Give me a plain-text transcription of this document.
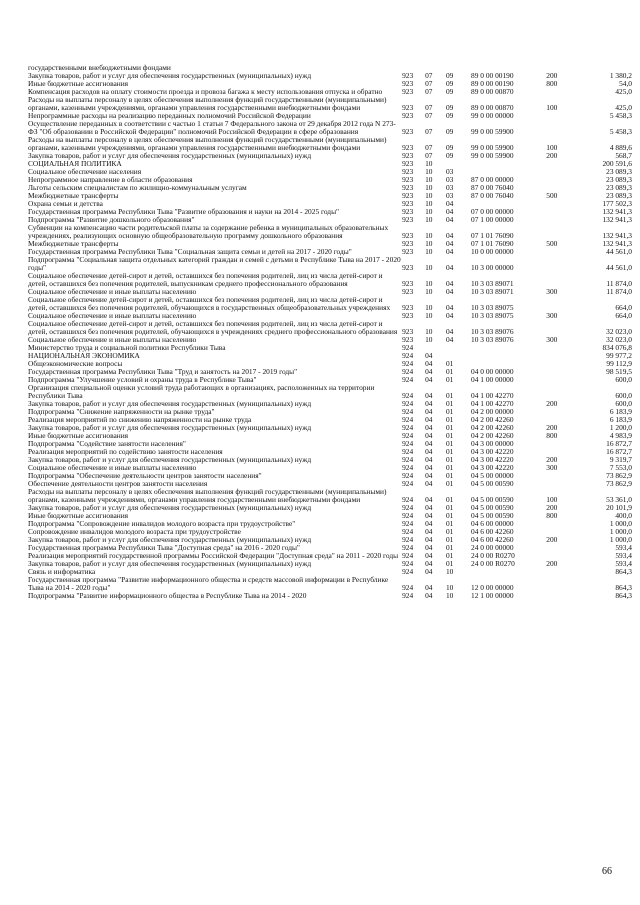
государственными внебюджетными фондами						
Закупка товаров, работ и услуг для обеспечения государственных (муниципальных) нужд	923	07	09	89 0 00 00190	200	1 380,2
Иные бюджетные ассигнования	923	07	09	89 0 00 00190	800	54,0
Компенсация расходов на оплату стоимости проезда и провоза багажа к месту использования отпуска и обратно	923	07	09	89 0 00 00870		425,0
Расходы на выплаты персоналу в целях обеспечения выполнения функций государственными (муниципальными) органами, казенными учреждениями, органами управления государственными внебюджетными фондами	923	07	09	89 0 00 00870	100	425,0
Непрограммные расходы на реализацию переданных полномочий Российской Федерации	923	07	09	99 0 00 00000		5 458,3
Осуществление переданных в соответствии с частью 1 статьи 7 Федерального закона от 29 декабря 2012 года N 273-ФЗ "Об образовании в Российской Федерации" полномочий Российской Федерации в сфере образования	923	07	09	99 0 00 59900		5 458,3
Расходы на выплаты персоналу в целях обеспечения выполнения функций государственными (муниципальными) органами, казенными учреждениями, органами управления государственными внебюджетными фондами	923	07	09	99 0 00 59900	100	4 889,6
Закупка товаров, работ и услуг для обеспечения государственных (муниципальных) нужд	923	07	09	99 0 00 59900	200	568,7
СОЦИАЛЬНАЯ ПОЛИТИКА	923	10				200 591,6
Социальное обеспечение населения	923	10	03			23 089,3
Непрограммное направление в области образования	923	10	03	87 0 00 00000		23 089,3
Льготы сельским специалистам по жилищно-коммунальным услугам	923	10	03	87 0 00 76040		23 089,3
Межбюджетные трансферты	923	10	03	87 0 00 76040	500	23 089,3
Охрана семьи и детства	923	10	04			177 502,3
Государственная программа Республики Тыва "Развитие образования и науки на 2014 - 2025 годы"	923	10	04	07 0 00 00000		132 941,3
Подпрограмма "Развитие дошкольного образования"	923	10	04	07 1 00 00000		132 941,3
Субвенции на компенсацию части родительской платы за содержание ребенка в муниципальных образовательных учреждениях, реализующих основную общеобразовательную программу дошкольного образования	923	10	04	07 1 01 76090		132 941,3
Межбюджетные трансферты	923	10	04	07 1 01 76090	500	132 941,3
Государственная программа Республики Тыва "Социальная защита семьи и детей на 2017 - 2020 годы"	923	10	04	10 0 00 00000		44 561,0
Подпрограмма "Социальная защита отдельных категорий граждан и семей с детьми в Республике Тыва на 2017 - 2020 годы"	923	10	04	10 3 00 00000		44 561,0
Социальное обеспечение детей-сирот и детей, оставшихся без попечения родителей, лиц из числа детей-сирот и детей, оставшихся без попечения родителей, выпускникам среднего профессионального образования	923	10	04	10 3 03 89071		11 874,0
Социальное обеспечение и иные выплаты населению	923	10	04	10 3 03 89071	300	11 874,0
Социальное обеспечение детей-сирот и детей, оставшихся без попечения родителей, лиц из числа детей-сирот и детей, оставшихся без попечения родителей, обучающихся в государственных общеобразовательных учреждениях	923	10	04	10 3 03 89075		664,0
Социальное обеспечение и иные выплаты населению	923	10	04	10 3 03 89075	300	664,0
Социальное обеспечение детей-сирот и детей, оставшихся без попечения родителей, лиц из числа детей-сирот и детей, оставшихся без попечения родителей, обучающихся в учреждениях среднего профессионального образования	923	10	04	10 3 03 89076		32 023,0
Социальное обеспечение и иные выплаты населению	923	10	04	10 3 03 89076	300	32 023,0
Министерство труда и социальной политики Республики Тыва	924					834 076,8
НАЦИОНАЛЬНАЯ ЭКОНОМИКА	924	04				99 977,2
Общеэкономические вопросы	924	04	01			99 112,9
Государственная программа Республики Тыва "Труд и занятость на 2017 - 2019 годы"	924	04	01	04 0 00 00000		98 519,5
Подпрограмма "Улучшение условий и охраны труда в Республике Тыва"	924	04	01	04 1 00 00000		600,0
Организация специальной оценки условий труда работающих в организациях, расположенных на территории Республики Тыва	924	04	01	04 1 00 42270		600,0
Закупка товаров, работ и услуг для обеспечения государственных (муниципальных) нужд	924	04	01	04 1 00 42270	200	600,0
Подпрограмма "Снижение напряженности на рынке труда"	924	04	01	04 2 00 00000		6 183,9
Реализация мероприятий по снижению напряженности на рынке труда	924	04	01	04 2 00 42260		6 183,9
Закупка товаров, работ и услуг для обеспечения государственных (муниципальных) нужд	924	04	01	04 2 00 42260	200	1 200,0
Иные бюджетные ассигнования	924	04	01	04 2 00 42260	800	4 983,9
Подпрограмма "Содействие занятости населения"	924	04	01	04 3 00 00000		16 872,7
Реализация мероприятий по содействию занятости населения	924	04	01	04 3 00 42220		16 872,7
Закупка товаров, работ и услуг для обеспечения государственных (муниципальных) нужд	924	04	01	04 3 00 42220	200	9 319,7
Социальное обеспечение и иные выплаты населению	924	04	01	04 3 00 42220	300	7 553,0
Подпрограмма "Обеспечение деятельности центров занятости населения"	924	04	01	04 5 00 00000		73 862,9
Обеспечение деятельности центров занятости населения	924	04	01	04 5 00 00590		73 862,9
Расходы на выплаты персоналу в целях обеспечения выполнения функций государственными (муниципальными) органами, казенными учреждениями, органами управления государственными внебюджетными фондами	924	04	01	04 5 00 00590	100	53 361,0
Закупка товаров, работ и услуг для обеспечения государственных (муниципальных) нужд	924	04	01	04 5 00 00590	200	20 101,9
Иные бюджетные ассигнования	924	04	01	04 5 00 00590	800	400,0
Подпрограмма "Сопровождение инвалидов молодого возраста при трудоустройстве"	924	04	01	04 6 00 00000		1 000,0
Сопровождение инвалидов молодого возраста при трудоустройстве	924	04	01	04 6 00 42260		1 000,0
Закупка товаров, работ и услуг для обеспечения государственных (муниципальных) нужд	924	04	01	04 6 00 42260	200	1 000,0
Государственная программа Республики Тыва "Доступная среда" на 2016 - 2020 годы"	924	04	01	24 0 00 00000		593,4
Реализация мероприятий государственной программы Российской Федерации "Доступная среда" на 2011 - 2020 годы	924	04	01	24 0 00 R0270		593,4
Закупка товаров, работ и услуг для обеспечения государственных (муниципальных) нужд	924	04	01	24 0 00 R0270	200	593,4
Связь и информатика	924	04	10			864,3
Государственная программа "Развитие информационного общества и средств массовой информации в Республике Тыва на 2014 - 2020 годы"	924	04	10	12 0 00 00000		864,3
Подпрограмма "Развитие информационного общества в Республике Тыва на 2014 - 2020	924	04	10	12 1 00 00000		864,3
66
